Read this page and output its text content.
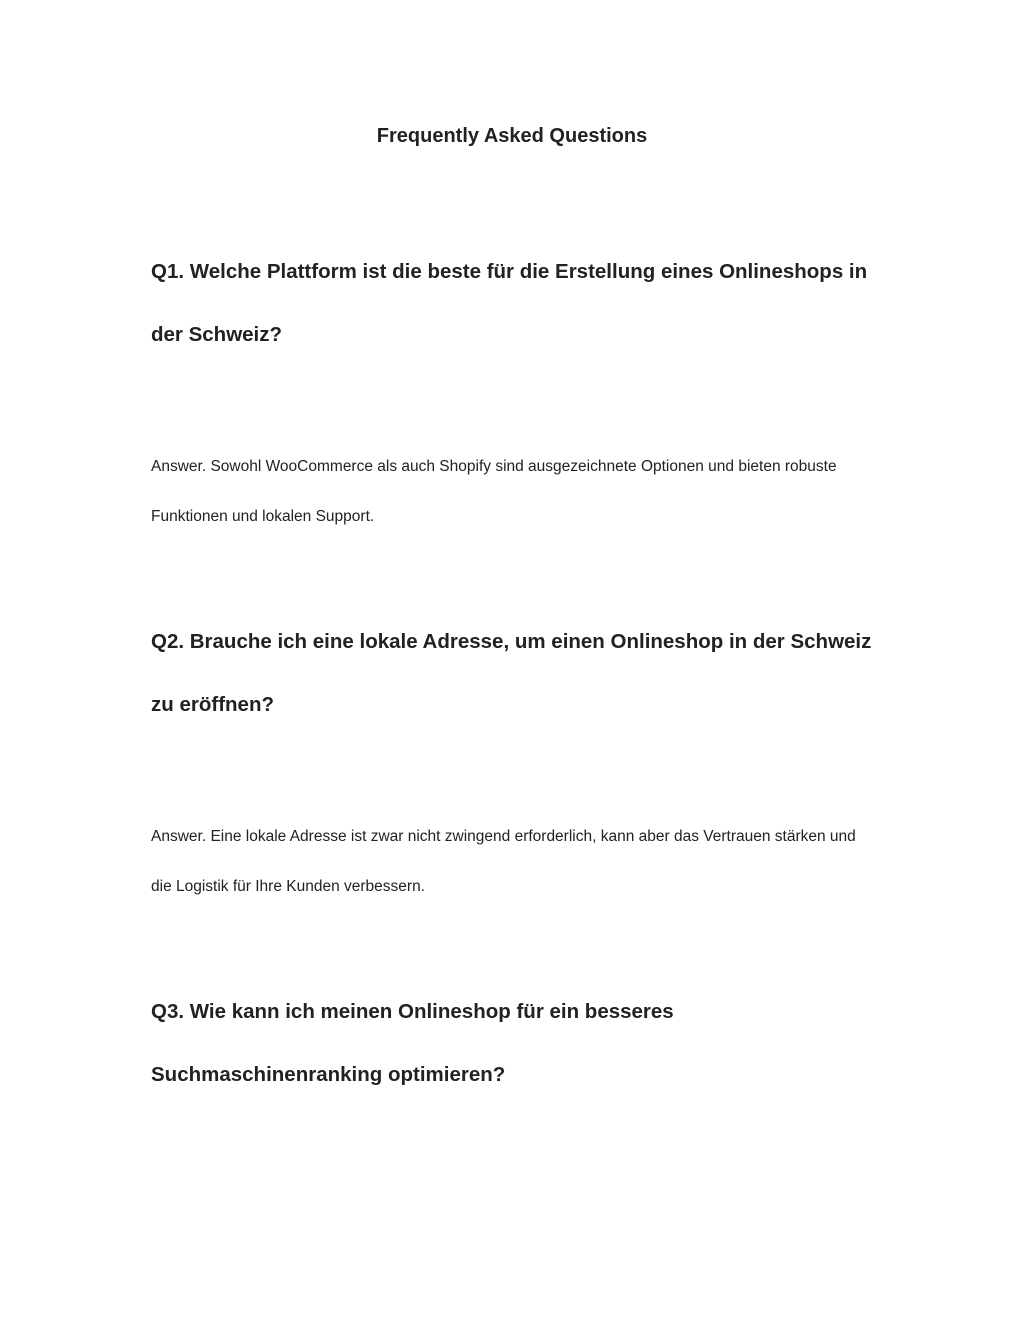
Frequently Asked Questions
Q1. Welche Plattform ist die beste für die Erstellung eines Onlineshops in der Schweiz?

Answer. Sowohl WooCommerce als auch Shopify sind ausgezeichnete Optionen und bieten robuste Funktionen und lokalen Support.

Q2. Brauche ich eine lokale Adresse, um einen Onlineshop in der Schweiz zu eröffnen?

Answer. Eine lokale Adresse ist zwar nicht zwingend erforderlich, kann aber das Vertrauen stärken und die Logistik für Ihre Kunden verbessern.

Q3. Wie kann ich meinen Onlineshop für ein besseres Suchmaschinenranking optimieren?
